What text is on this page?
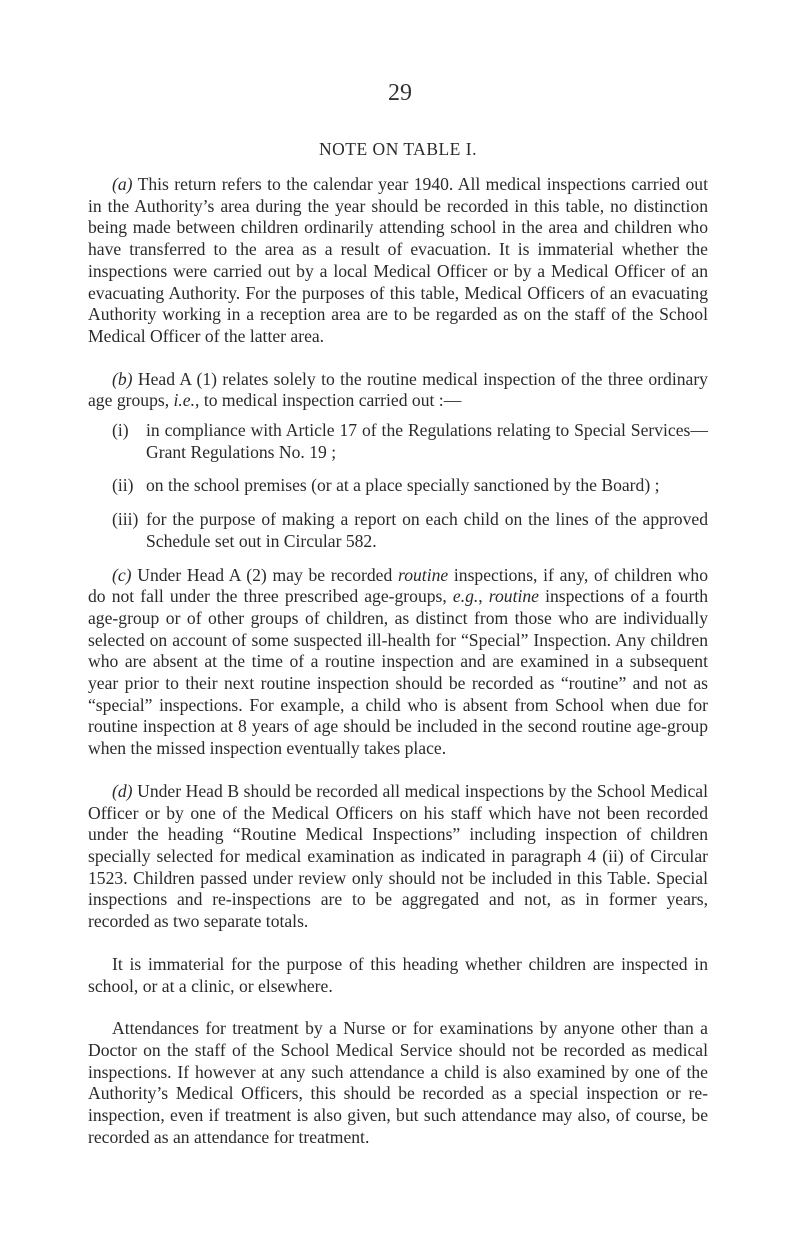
29
NOTE ON TABLE I.

(a) This return refers to the calendar year 1940. All medical inspections carried out in the Authority’s area during the year should be recorded in this table, no distinction being made between children ordinarily attending school in the area and children who have transferred to the area as a result of evacuation. It is immaterial whether the inspections were carried out by a local Medical Officer or by a Medical Officer of an evacuating Authority. For the purposes of this table, Medical Officers of an evacuating Authority working in a reception area are to be regarded as on the staff of the School Medical Officer of the latter area.

(b) Head A (1) relates solely to the routine medical inspection of the three ordinary age groups, i.e., to medical inspection carried out :—

(i) in compliance with Article 17 of the Regulations relating to Special Services—Grant Regulations No. 19 ;
(ii) on the school premises (or at a place specially sanctioned by the Board) ;
(iii) for the purpose of making a report on each child on the lines of the approved Schedule set out in Circular 582.

(c) Under Head A (2) may be recorded routine inspections, if any, of children who do not fall under the three prescribed age-groups, e.g., routine inspections of a fourth age-group or of other groups of children, as distinct from those who are individually selected on account of some suspected ill-health for “Special” Inspection. Any children who are absent at the time of a routine inspection and are examined in a subsequent year prior to their next routine inspection should be recorded as “routine” and not as “special” inspections. For example, a child who is absent from School when due for routine inspection at 8 years of age should be included in the second routine age-group when the missed inspection eventually takes place.

(d) Under Head B should be recorded all medical inspections by the School Medical Officer or by one of the Medical Officers on his staff which have not been recorded under the heading “Routine Medical Inspections” including inspection of children specially selected for medical examination as indicated in paragraph 4 (ii) of Circular 1523. Children passed under review only should not be included in this Table. Special inspections and re-inspections are to be aggregated and not, as in former years, recorded as two separate totals.

It is immaterial for the purpose of this heading whether children are inspected in school, or at a clinic, or elsewhere.

Attendances for treatment by a Nurse or for examinations by anyone other than a Doctor on the staff of the School Medical Service should not be recorded as medical inspections. If however at any such attendance a child is also examined by one of the Authority’s Medical Officers, this should be recorded as a special inspection or re-inspection, even if treatment is also given, but such attendance may also, of course, be recorded as an attendance for treatment.
